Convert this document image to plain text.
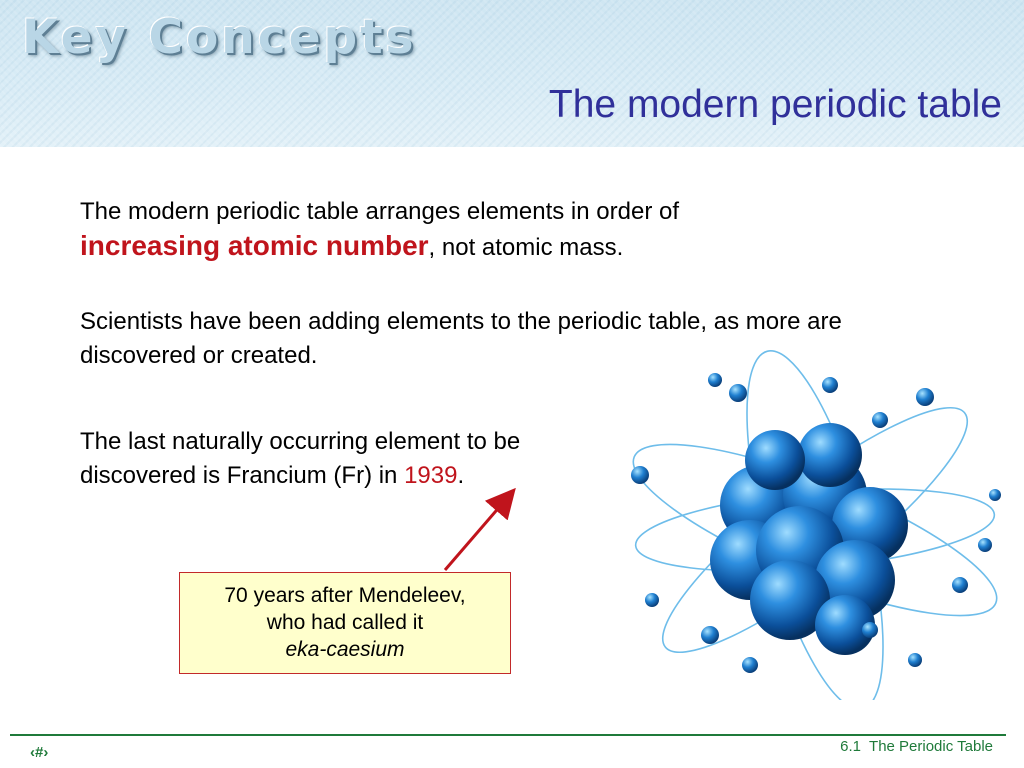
Key Concepts
The modern periodic table
The modern periodic table arranges elements in order of
increasing atomic number, not atomic mass.
Scientists have been adding elements to the periodic table, as more are discovered or created.
The last naturally occurring element to be discovered is Francium (Fr) in 1939.
70 years after Mendeleev,
who had called it
eka-caesium
‹#›	6.1  The Periodic Table
